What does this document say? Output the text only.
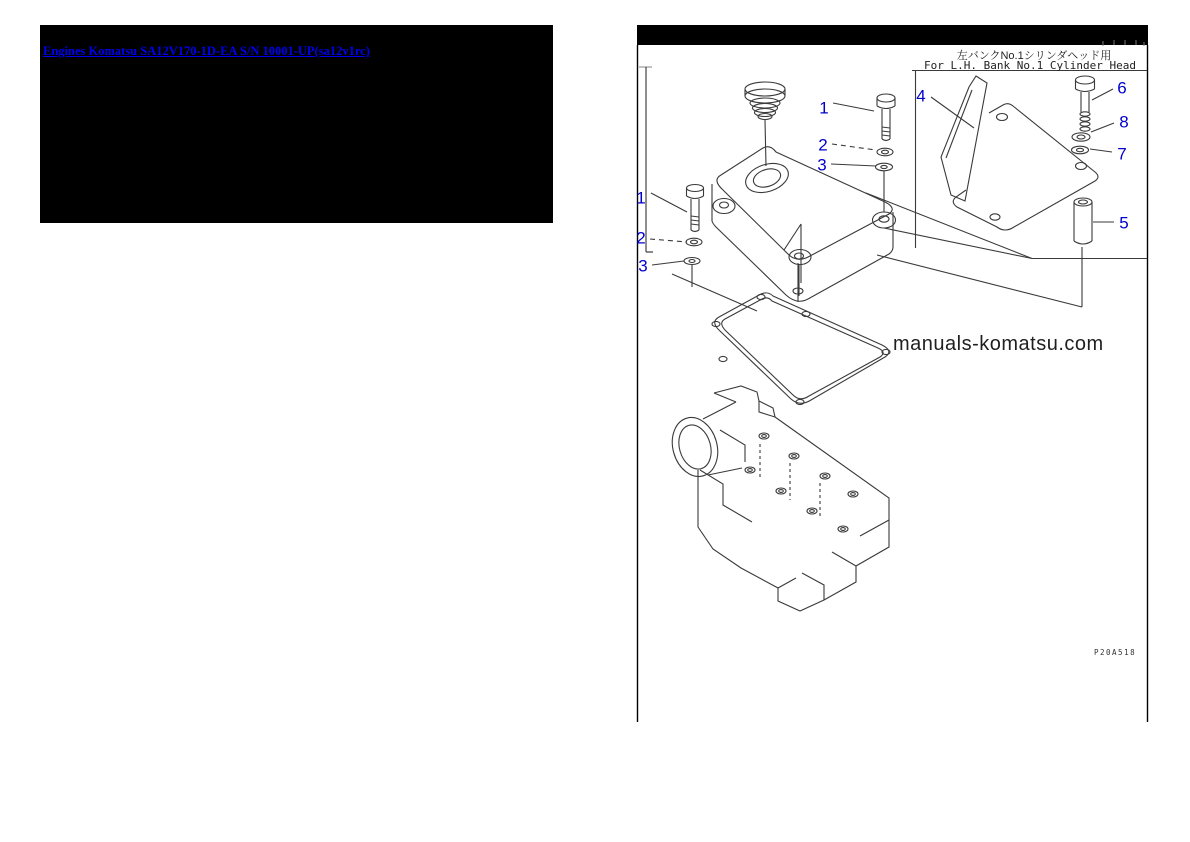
Engines Komatsu SA12V170-1D-EA S/N 10001-UP(sa12v1rc)	左バンクNo.1シリンダヘッド用
For L.H. Bank No.1 Cylinder Head
1
2
3
1
2
3
4	6
8
7
5
manuals-komatsu.com
P20A518
